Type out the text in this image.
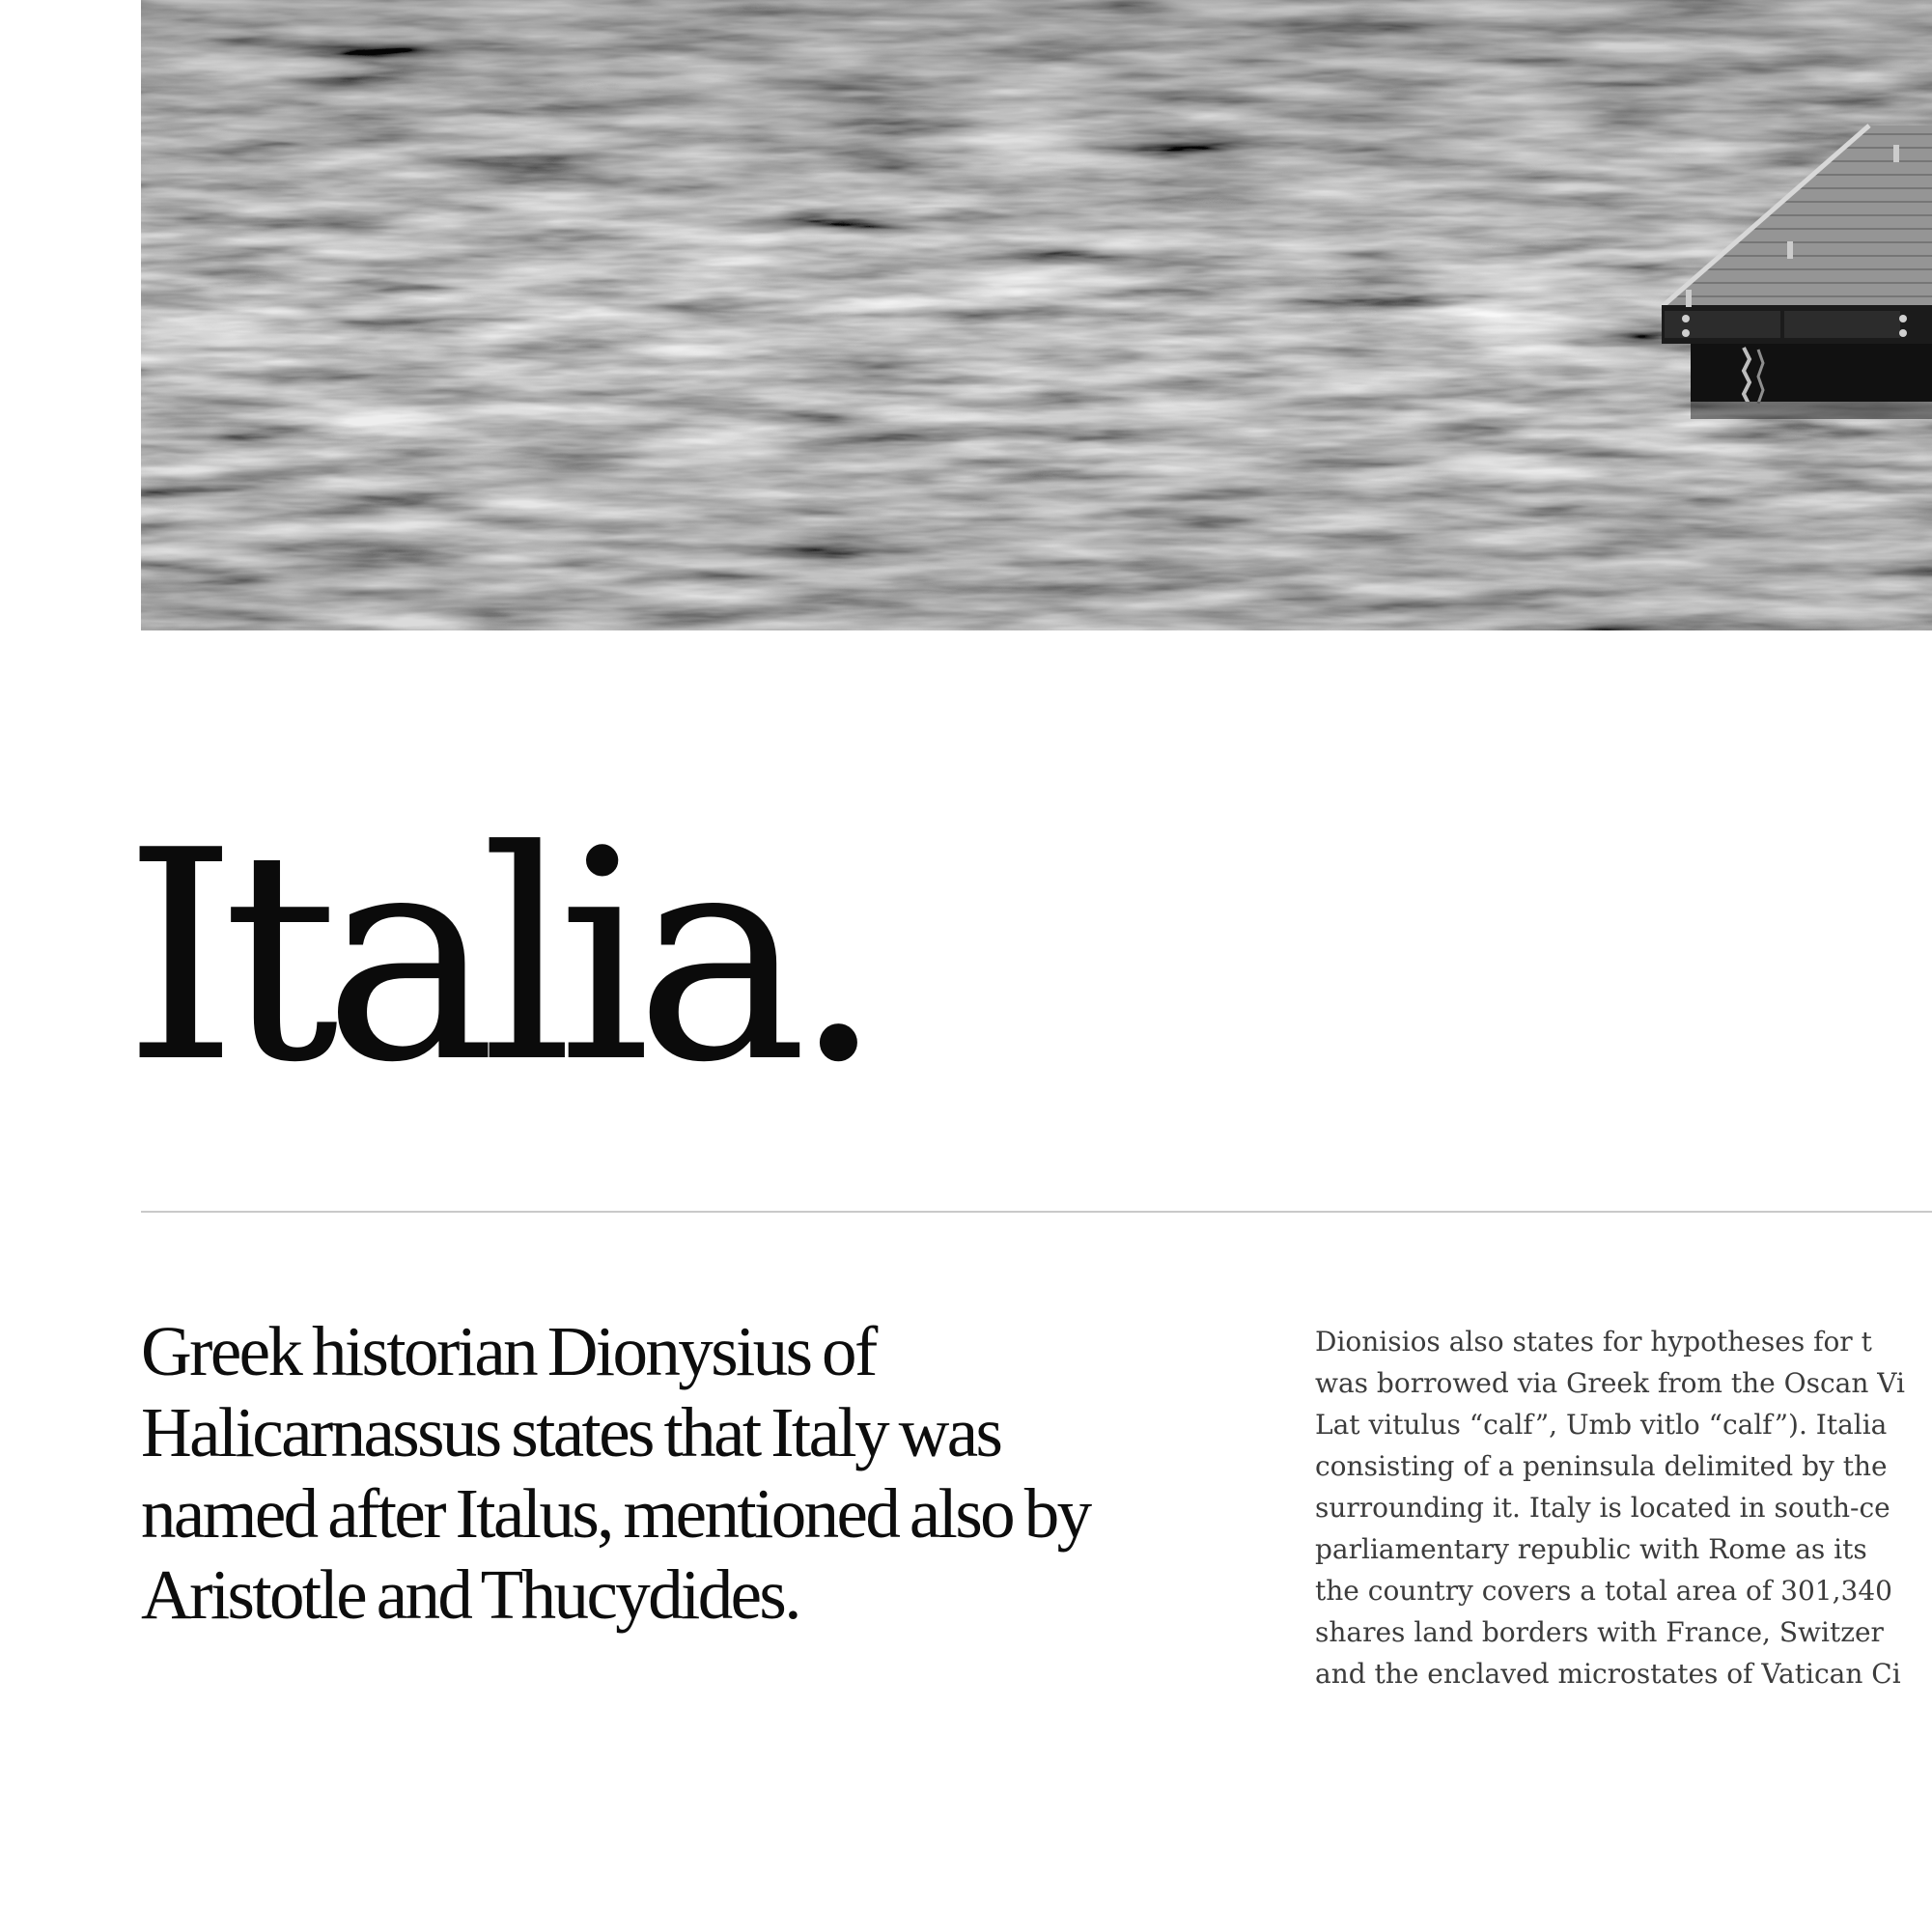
Italia.

Greek historian Dionysius of Halicarnassus states that Italy was named after Italus, mentioned also by Aristotle and Thucydides.

Dionisios also states for hypotheses for t
was borrowed via Greek from the Oscan Vi
Lat vitulus “calf”, Umb vitlo “calf”). Italia
consisting of a peninsula delimited by the
surrounding it. Italy is located in south-ce
parliamentary republic with Rome as its
the country covers a total area of 301,340
shares land borders with France, Switzer
and the enclaved microstates of Vatican Ci
